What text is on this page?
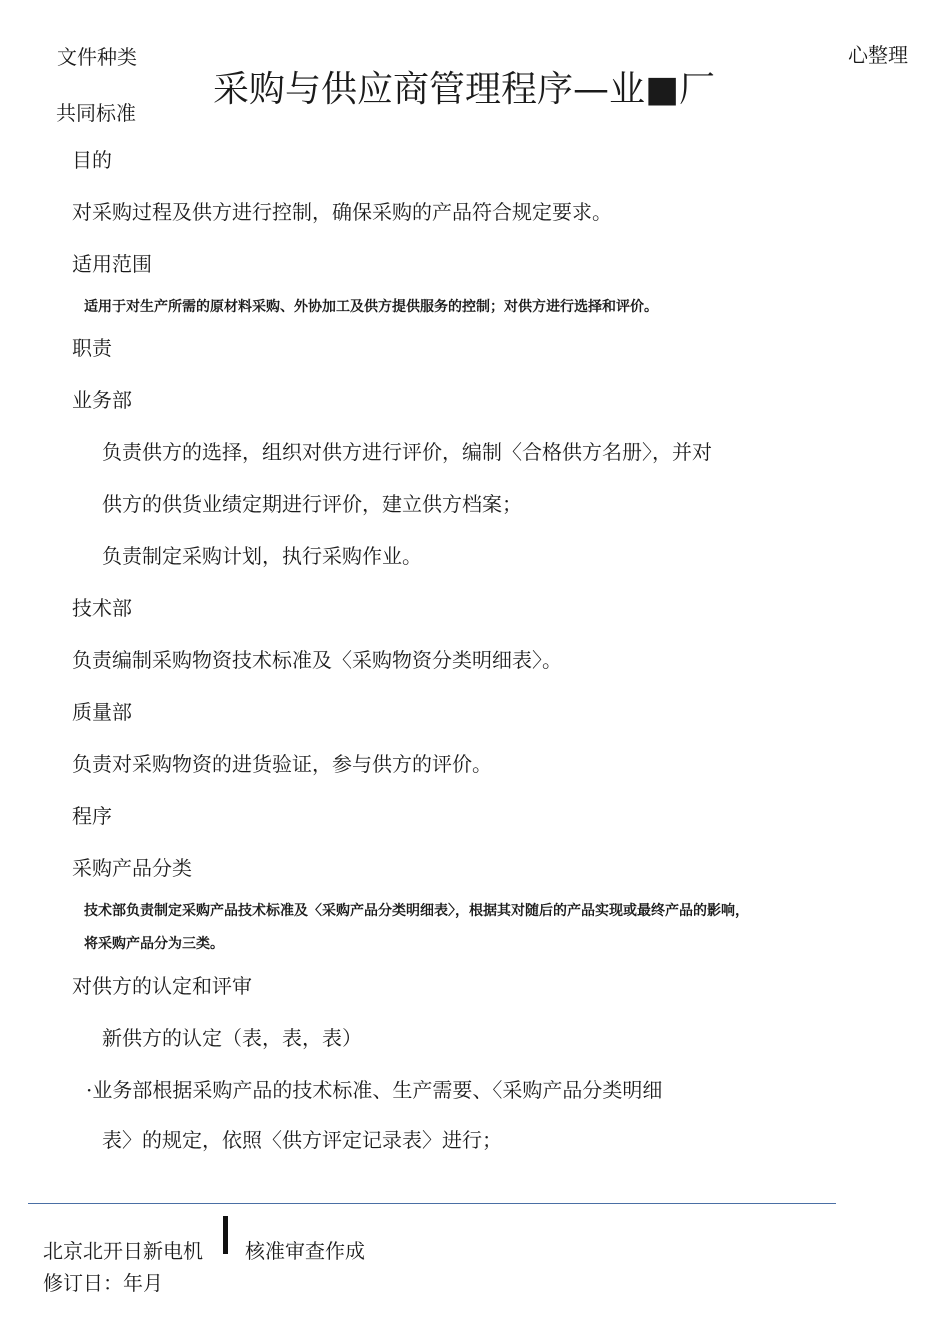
文件种类	心整理
采购与供应商管理程序—业■厂
共同标准
目的
对采购过程及供方进行控制，确保采购的产品符合规定要求。
适用范围
适用于对生产所需的原材料采购、外协加工及供方提供服务的控制；对供方进行选择和评价。
职责
业务部
负责供方的选择，组织对供方进行评价，编制〈合格供方名册〉，并对
供方的供货业绩定期进行评价，建立供方档案；
负责制定采购计划，执行采购作业。
技术部
负责编制采购物资技术标准及〈采购物资分类明细表〉。
质量部
负责对采购物资的进货验证，参与供方的评价。
程序
采购产品分类
技术部负责制定采购产品技术标准及〈采购产品分类明细表〉，根据其对随后的产品实现或最终产品的影响，
将采购产品分为三类。
对供方的认定和评审
新供方的认定（表，表，表）
·业务部根据采购产品的技术标准、生产需要、〈采购产品分类明细
表〉的规定，依照〈供方评定记录表〉进行；
北京北开日新电机 核准审查作成
修订日：年月
